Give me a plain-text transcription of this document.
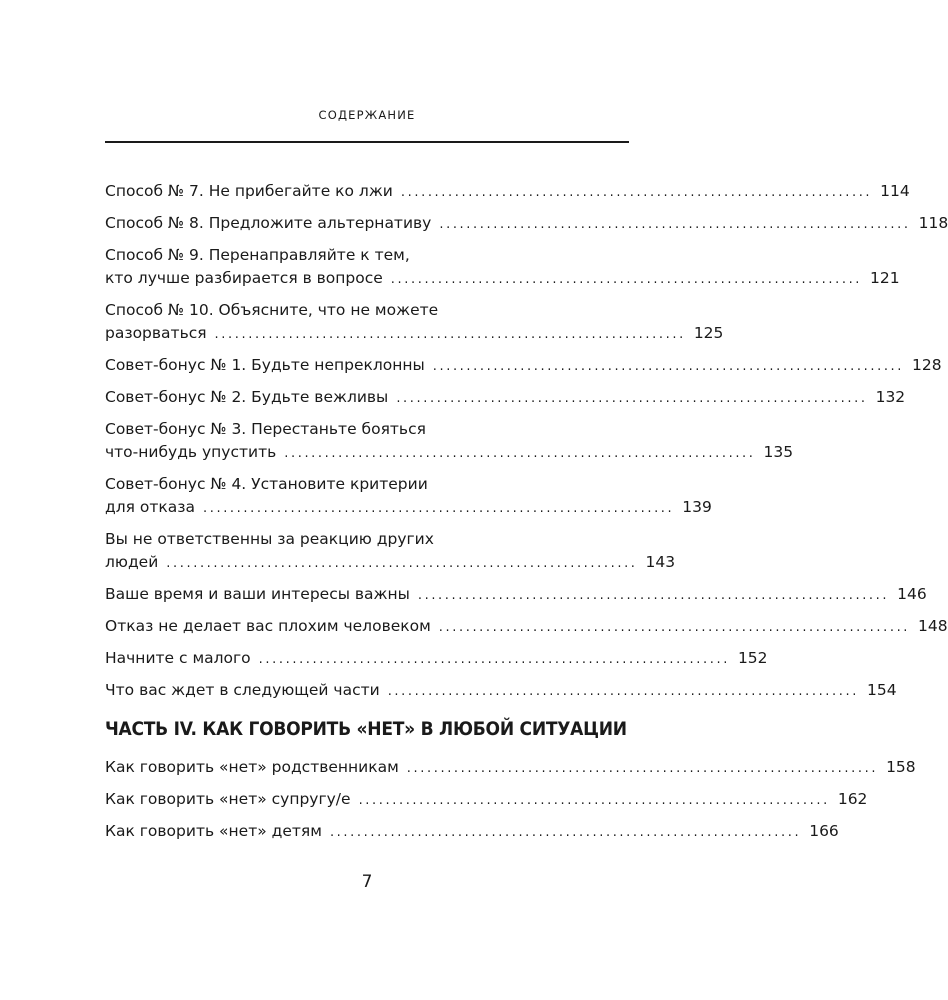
СОДЕРЖАНИЕ
Способ № 7. Не прибегайте ко лжи ...................................................................... 114
Способ № 8. Предложите альтернативу ...................................................................... 118
Способ № 9. Перенаправляйте к тем,
кто лучше разбирается в вопросе ...................................................................... 121
Способ № 10. Объясните, что не можете
разорваться ...................................................................... 125
Совет-бонус № 1. Будьте непреклонны ...................................................................... 128
Совет-бонус № 2. Будьте вежливы ...................................................................... 132
Совет-бонус № 3. Перестаньте бояться
что-нибудь упустить ...................................................................... 135
Совет-бонус № 4. Установите критерии
для отказа ...................................................................... 139
Вы не ответственны за реакцию других
людей ...................................................................... 143
Ваше время и ваши интересы важны ...................................................................... 146
Отказ не делает вас плохим человеком ...................................................................... 148
Начните с малого ...................................................................... 152
Что вас ждет в следующей части ...................................................................... 154
ЧАСТЬ IV. КАК ГОВОРИТЬ «НЕТ» В ЛЮБОЙ СИТУАЦИИ
Как говорить «нет» родственникам ...................................................................... 158
Как говорить «нет» супругу/е ...................................................................... 162
Как говорить «нет» детям ...................................................................... 166
7
